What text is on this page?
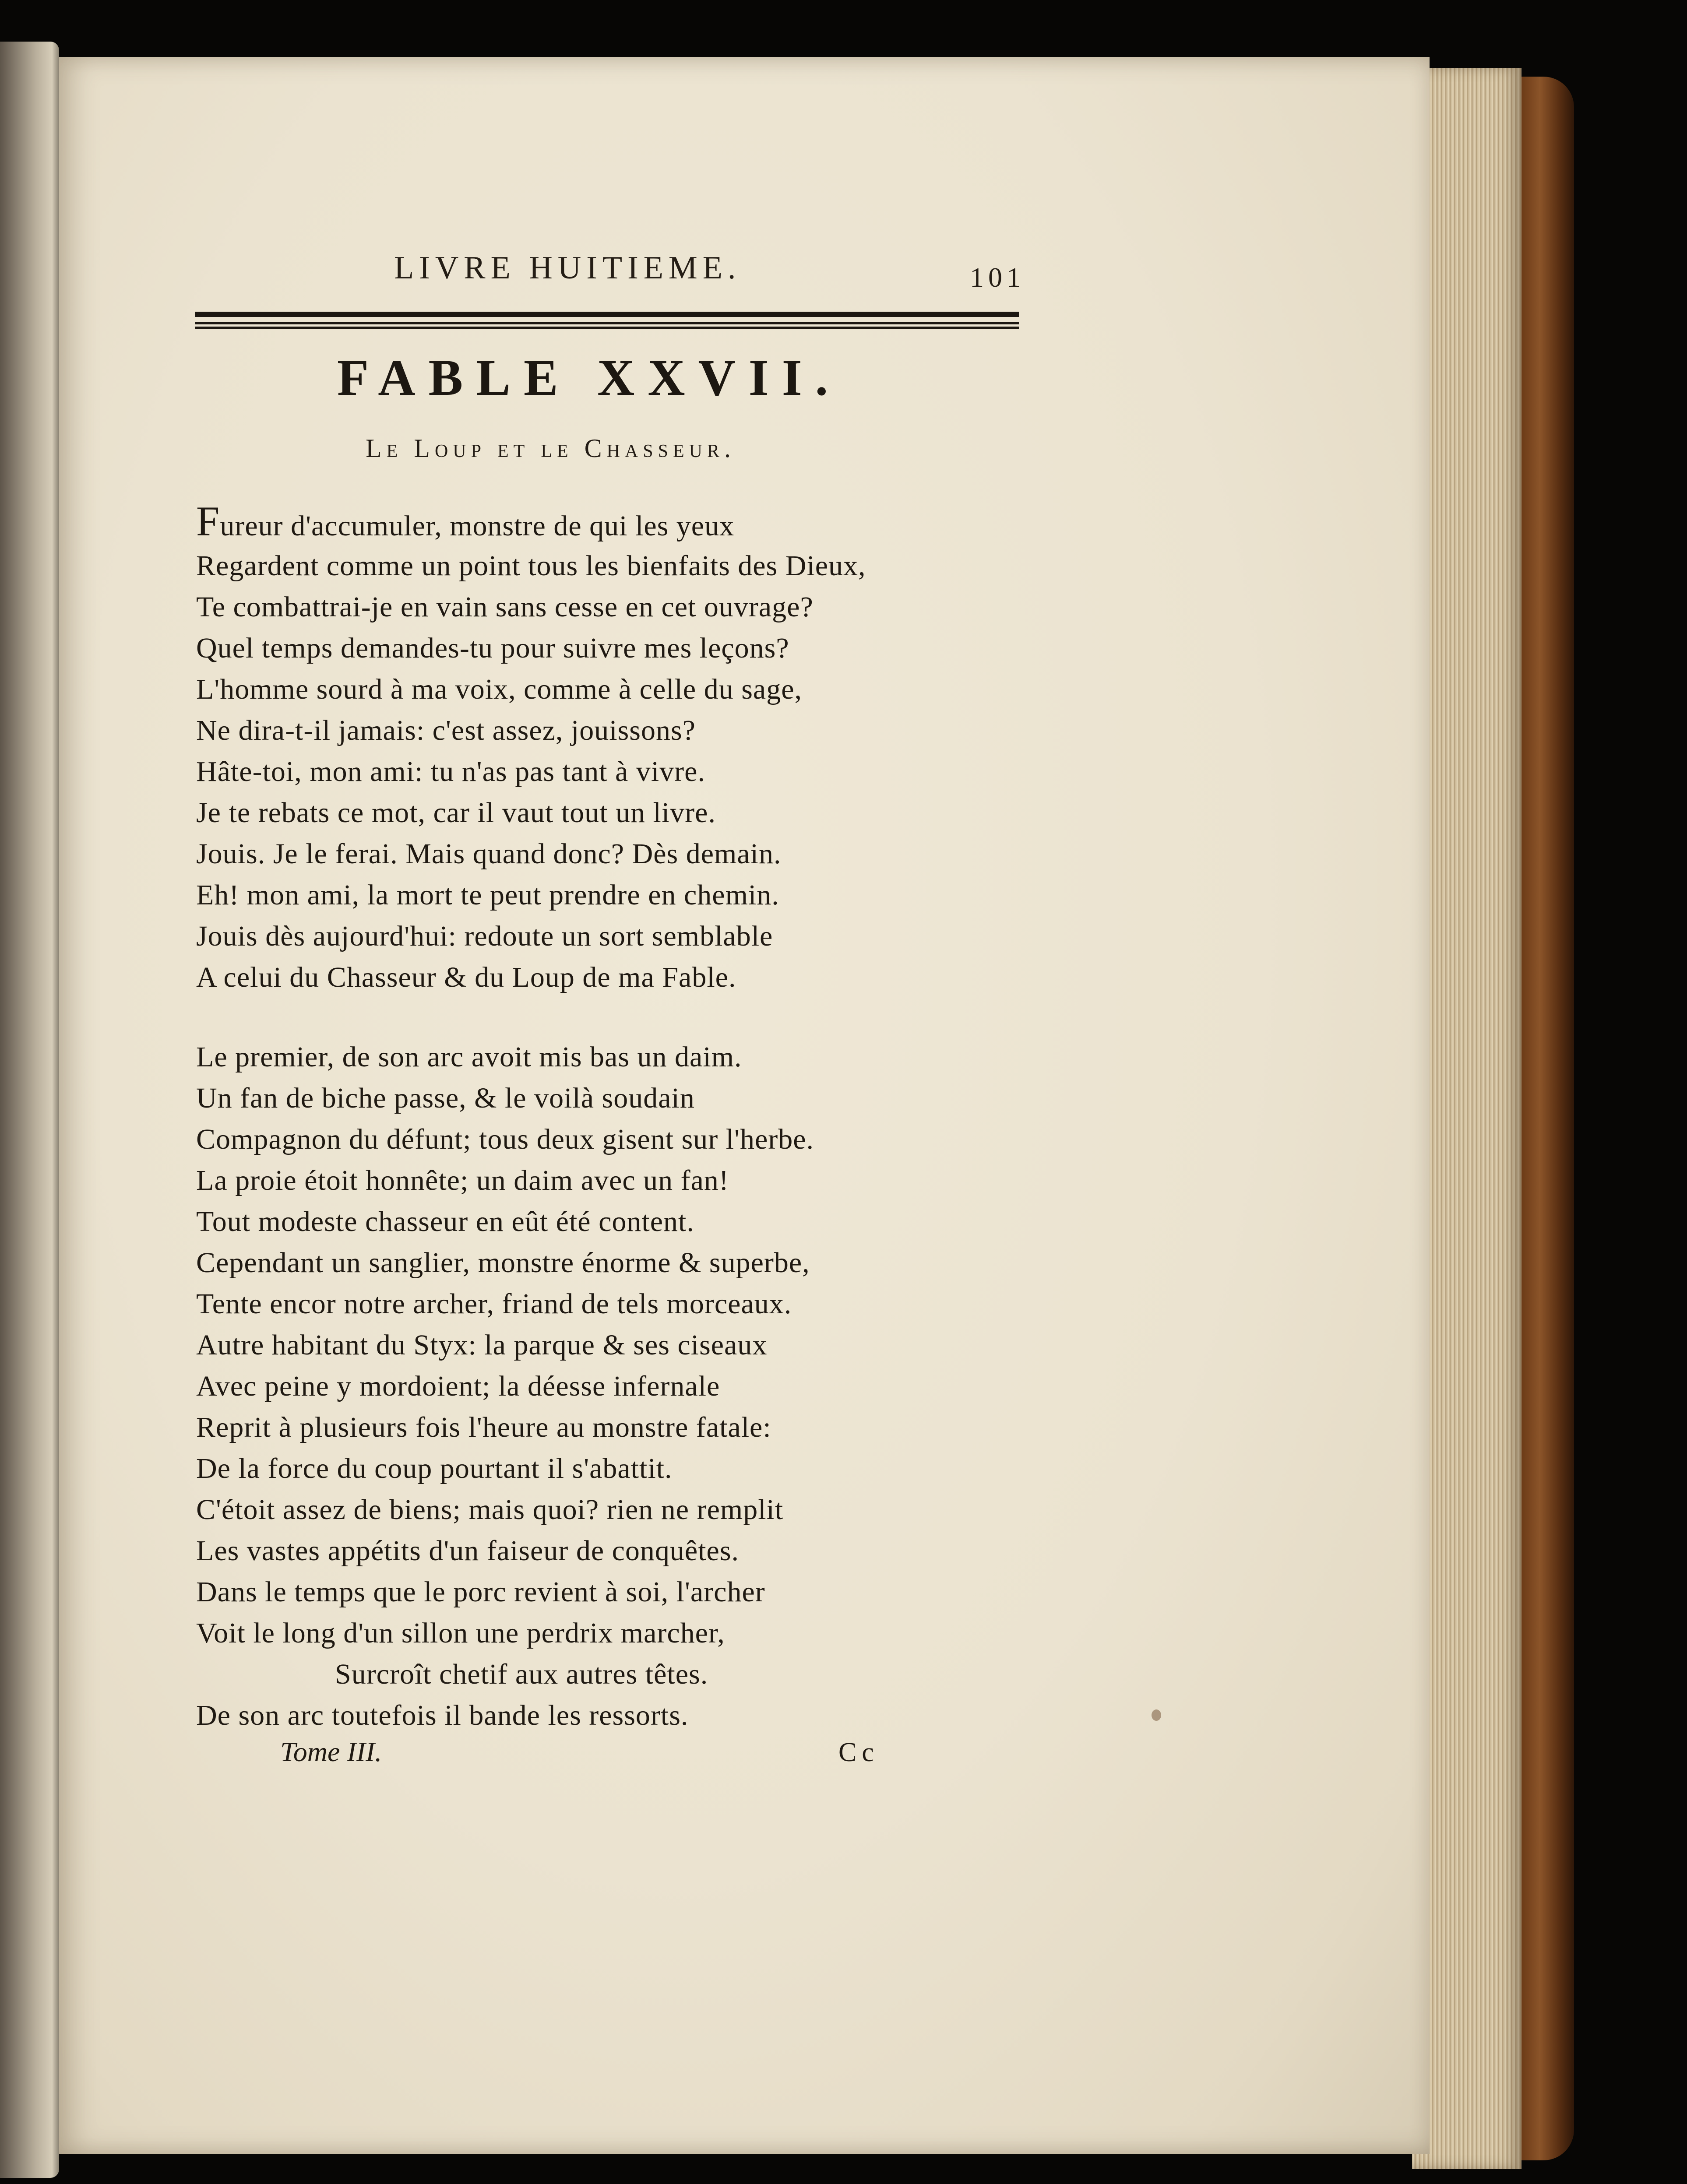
LIVRE HUITIEME.	101
FABLE XXVII.
Le Loup et le Chasseur.
Fureur d'accumuler, monstre de qui les yeux
Regardent comme un point tous les bienfaits des Dieux,
Te combattrai-je en vain sans cesse en cet ouvrage?
Quel temps demandes-tu pour suivre mes leçons?
L'homme sourd à ma voix, comme à celle du sage,
Ne dira-t-il jamais: c'est assez, jouissons?
Hâte-toi, mon ami: tu n'as pas tant à vivre.
Je te rebats ce mot, car il vaut tout un livre.
Jouis. Je le ferai. Mais quand donc? Dès demain.
Eh! mon ami, la mort te peut prendre en chemin.
Jouis dès aujourd'hui: redoute un sort semblable
A celui du Chasseur & du Loup de ma Fable.
Le premier, de son arc avoit mis bas un daim.
Un fan de biche passe, & le voilà soudain
Compagnon du défunt; tous deux gisent sur l'herbe.
La proie étoit honnête; un daim avec un fan!
Tout modeste chasseur en eût été content.
Cependant un sanglier, monstre énorme & superbe,
Tente encor notre archer, friand de tels morceaux.
Autre habitant du Styx: la parque & ses ciseaux
Avec peine y mordoient; la déesse infernale
Reprit à plusieurs fois l'heure au monstre fatale:
De la force du coup pourtant il s'abattit.
C'étoit assez de biens; mais quoi? rien ne remplit
Les vastes appétits d'un faiseur de conquêtes.
Dans le temps que le porc revient à soi, l'archer
Voit le long d'un sillon une perdrix marcher,
Surcroît chetif aux autres têtes.
De son arc toutefois il bande les ressorts.
Tome III.	Cc
